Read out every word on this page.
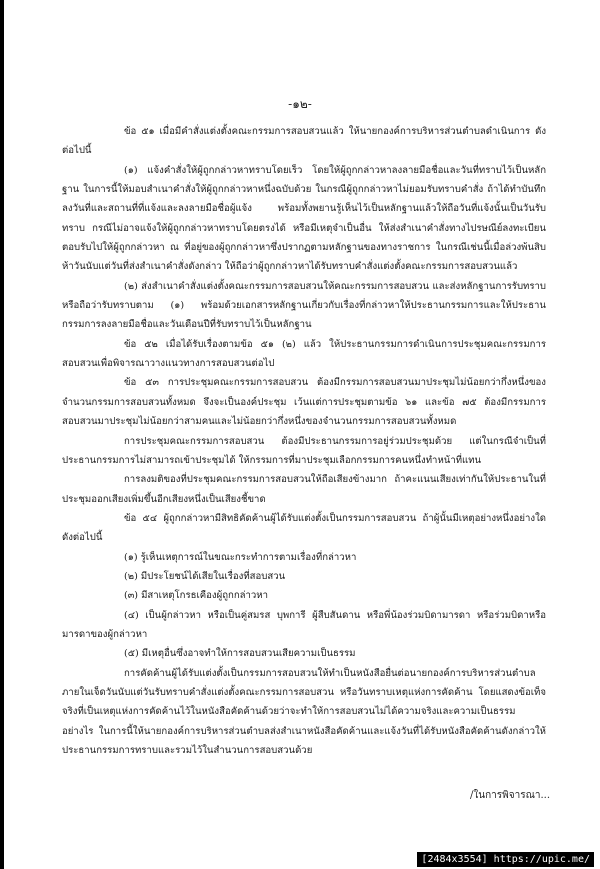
-๑๒-

ข้อ ๕๑ เมื่อมีคำสั่งแต่งตั้งคณะกรรมการสอบสวนแล้ว ให้นายกองค์การบริหารส่วนตำบลดำเนินการ ดังต่อไปนี้

(๑) แจ้งคำสั่งให้ผู้ถูกกล่าวหาทราบโดยเร็ว โดยให้ผู้ถูกกล่าวหาลงลายมือชื่อและวันที่ทราบไว้เป็นหลักฐาน ในการนี้ให้มอบสำเนาคำสั่งให้ผู้ถูกกล่าวหาหนึ่งฉบับด้วย ในกรณีผู้ถูกกล่าวหาไม่ยอมรับทราบคำสั่ง ถ้าได้ทำบันทึกลงวันที่และสถานที่ที่แจ้งและลงลายมือชื่อผู้แจ้ง พร้อมทั้งพยานรู้เห็นไว้เป็นหลักฐานแล้วให้ถือวันที่แจ้งนั้นเป็นวันรับทราบ กรณีไม่อาจแจ้งให้ผู้ถูกกล่าวหาทราบโดยตรงได้ หรือมีเหตุจำเป็นอื่น ให้ส่งสำเนาคำสั่งทางไปรษณีย์ลงทะเบียนตอบรับไปให้ผู้ถูกกล่าวหา ณ ที่อยู่ของผู้ถูกกล่าวหาซึ่งปรากฏตามหลักฐานของทางราชการ ในกรณีเช่นนี้เมื่อล่วงพ้นสิบห้าวันนับแต่วันที่ส่งสำเนาคำสั่งดังกล่าว ให้ถือว่าผู้ถูกกล่าวหาได้รับทราบคำสั่งแต่งตั้งคณะกรรมการสอบสวนแล้ว

(๒) ส่งสำเนาคำสั่งแต่งตั้งคณะกรรมการสอบสวนให้คณะกรรมการสอบสวน และส่งหลักฐานการรับทราบ หรือถือว่ารับทราบตาม (๑) พร้อมด้วยเอกสารหลักฐานเกี่ยวกับเรื่องที่กล่าวหาให้ประธานกรรมการและให้ประธานกรรมการลงลายมือชื่อและวันเดือนปีที่รับทราบไว้เป็นหลักฐาน

ข้อ ๕๒ เมื่อได้รับเรื่องตามข้อ ๕๑ (๒) แล้ว ให้ประธานกรรมการดำเนินการประชุมคณะกรรมการสอบสวนเพื่อพิจารณาวางแนวทางการสอบสวนต่อไป

ข้อ ๕๓ การประชุมคณะกรรมการสอบสวน ต้องมีกรรมการสอบสวนมาประชุมไม่น้อยกว่ากึ่งหนึ่งของจำนวนกรรมการสอบสวนทั้งหมด จึงจะเป็นองค์ประชุม เว้นแต่การประชุมตามข้อ ๖๑ และข้อ ๗๕ ต้องมีกรรมการสอบสวนมาประชุมไม่น้อยกว่าสามคนและไม่น้อยกว่ากึ่งหนึ่งของจำนวนกรรมการสอบสวนทั้งหมด

การประชุมคณะกรรมการสอบสวน ต้องมีประธานกรรมการอยู่ร่วมประชุมด้วย แต่ในกรณีจำเป็นที่ประธานกรรมการไม่สามารถเข้าประชุมได้ ให้กรรมการที่มาประชุมเลือกกรรมการคนหนึ่งทำหน้าที่แทน

การลงมติของที่ประชุมคณะกรรมการสอบสวนให้ถือเสียงข้างมาก ถ้าคะแนนเสียงเท่ากันให้ประธานในที่ประชุมออกเสียงเพิ่มขึ้นอีกเสียงหนึ่งเป็นเสียงชี้ขาด

ข้อ ๕๔ ผู้ถูกกล่าวหามีสิทธิคัดค้านผู้ได้รับแต่งตั้งเป็นกรรมการสอบสวน ถ้าผู้นั้นมีเหตุอย่างหนึ่งอย่างใด ดังต่อไปนี้

(๑) รู้เห็นเหตุการณ์ในขณะกระทำการตามเรื่องที่กล่าวหา

(๒) มีประโยชน์ได้เสียในเรื่องที่สอบสวน

(๓) มีสาเหตุโกรธเคืองผู้ถูกกล่าวหา

(๔) เป็นผู้กล่าวหา หรือเป็นคู่สมรส บุพการี ผู้สืบสันดาน หรือพี่น้องร่วมบิดามารดา หรือร่วมบิดาหรือมารดาของผู้กล่าวหา

(๕) มีเหตุอื่นซึ่งอาจทำให้การสอบสวนเสียความเป็นธรรม

การคัดค้านผู้ได้รับแต่งตั้งเป็นกรรมการสอบสวนให้ทำเป็นหนังสือยื่นต่อนายกองค์การบริหารส่วนตำบลภายในเจ็ดวันนับแต่วันรับทราบคำสั่งแต่งตั้งคณะกรรมการสอบสวน หรือวันทราบเหตุแห่งการคัดค้าน โดยแสดงข้อเท็จจริงที่เป็นเหตุแห่งการคัดค้านไว้ในหนังสือคัดค้านด้วยว่าจะทำให้การสอบสวนไม่ได้ความจริงและความเป็นธรรมอย่างไร ในการนี้ให้นายกองค์การบริหารส่วนตำบลส่งสำเนาหนังสือคัดค้านและแจ้งวันที่ได้รับหนังสือคัดค้านดังกล่าวให้ประธานกรรมการทราบและรวมไว้ในสำนวนการสอบสวนด้วย

/ในการพิจารณา...
[2484x3554] https://upic.me/
